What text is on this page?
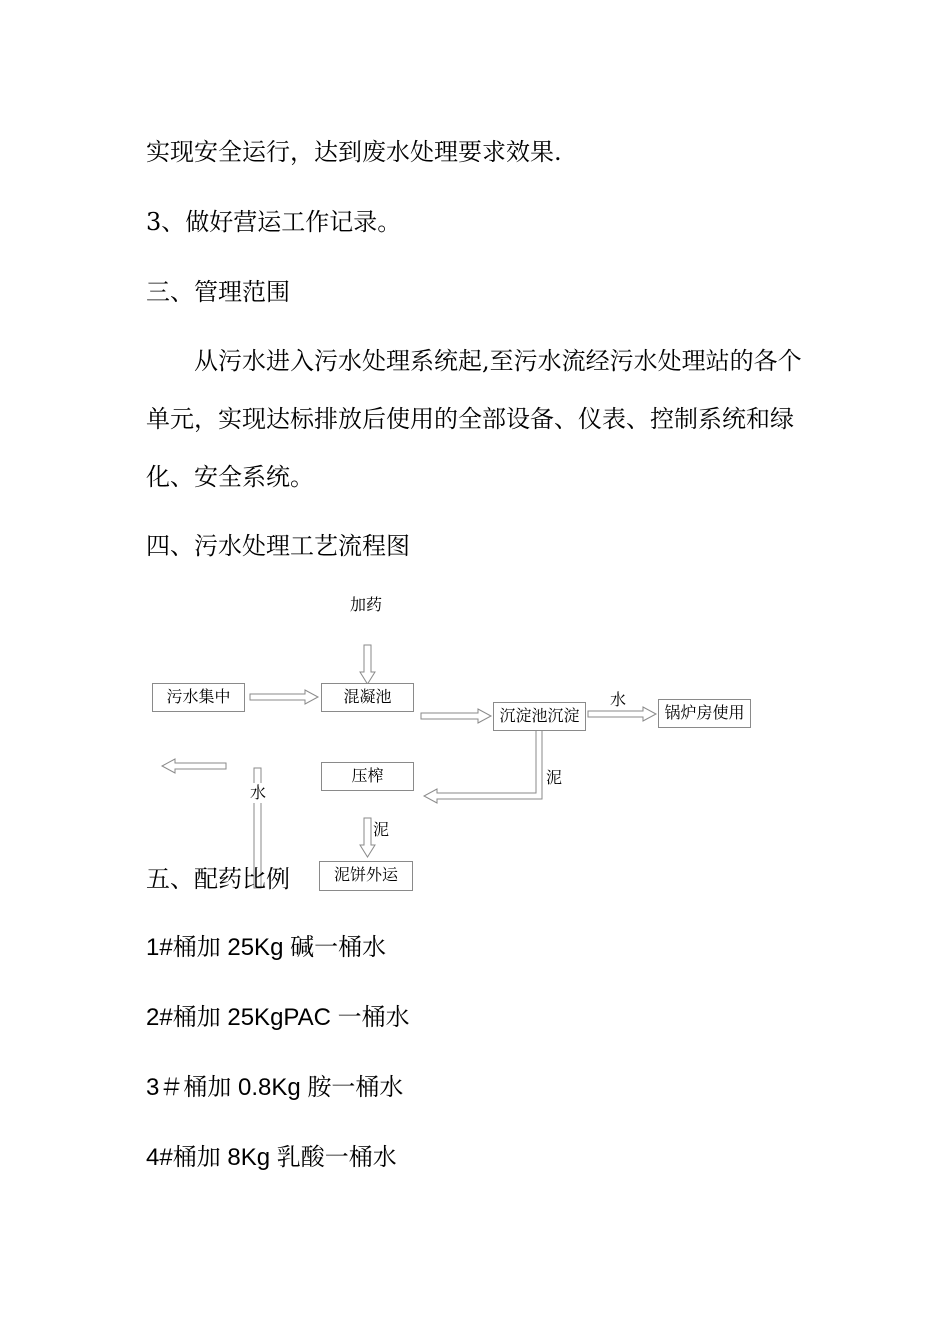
实现安全运行，达到废水处理要求效果.
3、做好营运工作记录。
三、管理范围
从污水进入污水处理系统起,至污水流经污水处理站的各个
单元，实现达标排放后使用的全部设备、仪表、控制系统和绿
化、安全系统。
四、污水处理工艺流程图
加药
污水集中	混凝池
沉淀池沉淀
水
锅炉房使用
泥
压榨
水
泥
泥饼外运
五、配药比例
1#桶加 25Kg 碱一桶水
2#桶加 25KgPAC 一桶水
3＃桶加 0.8Kg 胺一桶水
4#桶加 8Kg 乳酸一桶水
